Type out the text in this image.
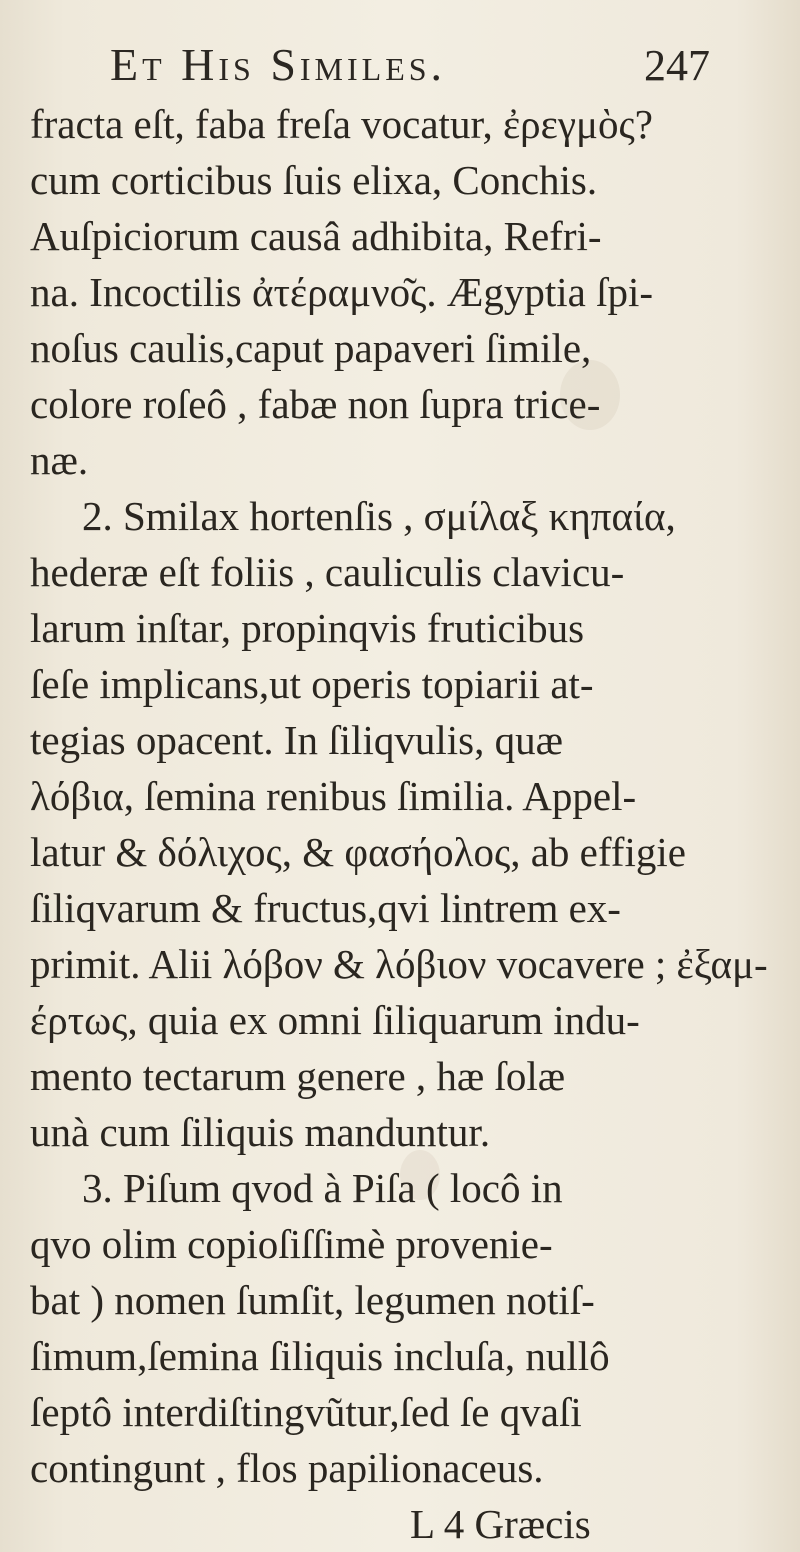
Et His Similes.	247
fracta eſt, faba freſa vocatur, ἐρεγμὸς?
cum corticibus ſuis elixa, Conchis.
Auſpiciorum causâ adhibita, Refri-
na. Incoctilis ἀτέραμνο͂ς. Ægyptia ſpi-
noſus caulis,caput papaveri ſimile,
colore roſeô , fabæ non ſupra trice-
næ.
2. Smilax hortenſis , σμίλαξ κηπαία,
hederæ eſt foliis , cauliculis clavicu-
larum inſtar, propinqvis fruticibus
ſeſe implicans,ut operis topiarii at-
tegias opacent. In ſiliqvulis, quæ
λόβια, ſemina renibus ſimilia. Appel-
latur & δόλιχος, & φασήολος, ab effigie
ſiliqvarum & fructus,qvi lintrem ex-
primit. Alii λόβον & λόβιον vocavere ; ἐξαμ-
έρτως, quia ex omni ſiliquarum indu-
mento tectarum genere , hæ ſolæ
unà cum ſiliquis manduntur.
3. Piſum qvod à Piſa ( locô in
qvo olim copioſiſſimè provenie-
bat ) nomen ſumſit, legumen notiſ-
ſimum,ſemina ſiliquis incluſa, nullô
ſeptô interdiſtingvũtur,ſed ſe qvaſi
contingunt , flos papilionaceus.
L 4 Græcis
